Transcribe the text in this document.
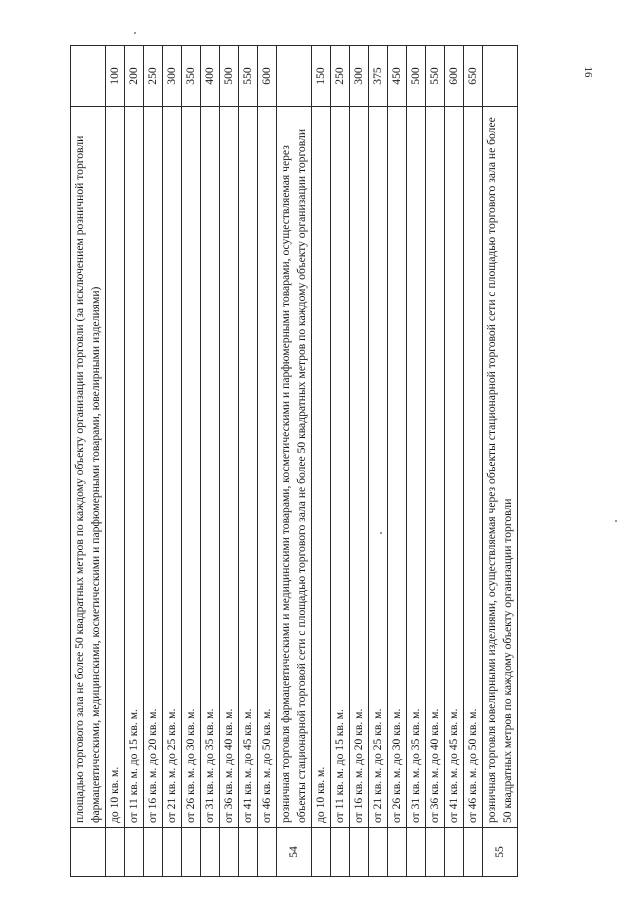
16
	площадью торгового зала не более 50 квадратных метров по каждому объекту организации торговли (за исключением розничной торговли фармацевтическими, медицинскими, косметическими и парфюмерными товарами, ювелирными изделиями)	
	до 10 кв. м.	100
	от 11 кв. м. до 15 кв. м.	200
	от 16 кв. м. до 20 кв. м.	250
	от 21 кв. м. до 25 кв. м.	300
	от 26 кв. м. до 30 кв. м.	350
	от 31 кв. м. до 35 кв. м.	400
	от 36 кв. м. до 40 кв. м.	500
	от 41 кв. м. до 45 кв. м.	550
	от 46 кв. м. до 50 кв. м.	600
54	розничная торговля фармацевтическими и медицинскими товарами, косметическими и парфюмерными товарами, осуществляемая через объекты стационарной торговой сети с площадью торгового зала не более 50 квадратных метров по каждому объекту организации торговли	
	до 10 кв. м.	150
	от 11 кв. м. до 15 кв. м.	250
	от 16 кв. м. до 20 кв. м.	300
	от 21 кв. м. до 25 кв. м.	375
	от 26 кв. м. до 30 кв. м.	450
	от 31 кв. м. до 35 кв. м.	500
	от 36 кв. м. до 40 кв. м.	550
	от 41 кв. м. до 45 кв. м.	600
	от 46 кв. м. до 50 кв. м.	650
55	розничная торговля ювелирными изделиями, осуществляемая через объекты стационарной торговой сети с площадью торгового зала не более 50 квадратных метров по каждому объекту организации торговли	
